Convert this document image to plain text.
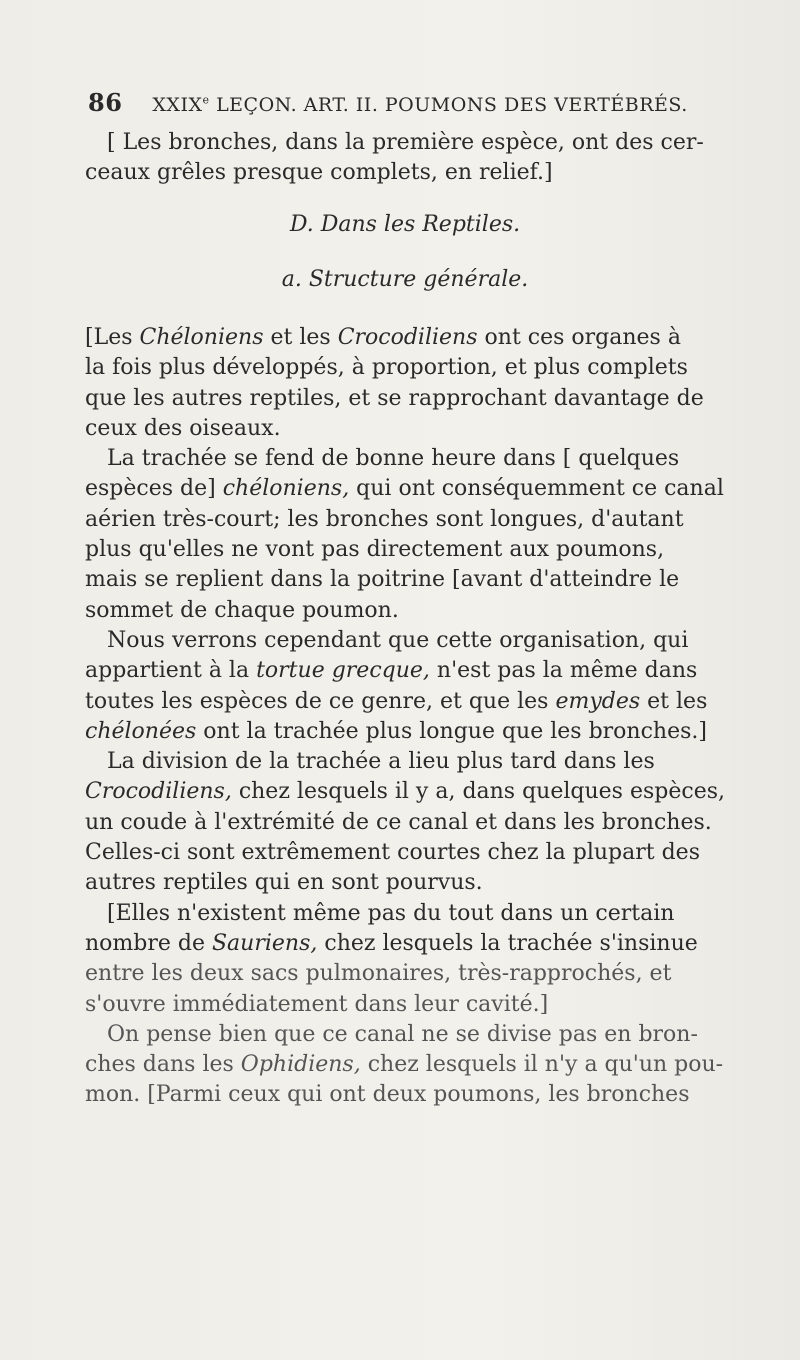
86 XXIXe LEÇON. ART. II. POUMONS DES VERTÉBRÉS.
[ Les bronches, dans la première espèce, ont des cer-
ceaux grêles presque complets, en relief.]
D. Dans les Reptiles.
a. Structure générale.
[Les Chéloniens et les Crocodiliens ont ces organes à
la fois plus développés, à proportion, et plus complets
que les autres reptiles, et se rapprochant davantage de
ceux des oiseaux.
La trachée se fend de bonne heure dans [ quelques
espèces de] chéloniens, qui ont conséquemment ce canal
aérien très-court; les bronches sont longues, d'autant
plus qu'elles ne vont pas directement aux poumons,
mais se replient dans la poitrine [avant d'atteindre le
sommet de chaque poumon.
Nous verrons cependant que cette organisation, qui
appartient à la tortue grecque, n'est pas la même dans
toutes les espèces de ce genre, et que les emydes et les
chélonées ont la trachée plus longue que les bronches.]
La division de la trachée a lieu plus tard dans les
Crocodiliens, chez lesquels il y a, dans quelques espèces,
un coude à l'extrémité de ce canal et dans les bronches.
Celles-ci sont extrêmement courtes chez la plupart des
autres reptiles qui en sont pourvus.
[Elles n'existent même pas du tout dans un certain
nombre de Sauriens, chez lesquels la trachée s'insinue
entre les deux sacs pulmonaires, très-rapprochés, et
s'ouvre immédiatement dans leur cavité.]
On pense bien que ce canal ne se divise pas en bron-
ches dans les Ophidiens, chez lesquels il n'y a qu'un pou-
mon. [Parmi ceux qui ont deux poumons, les bronches
